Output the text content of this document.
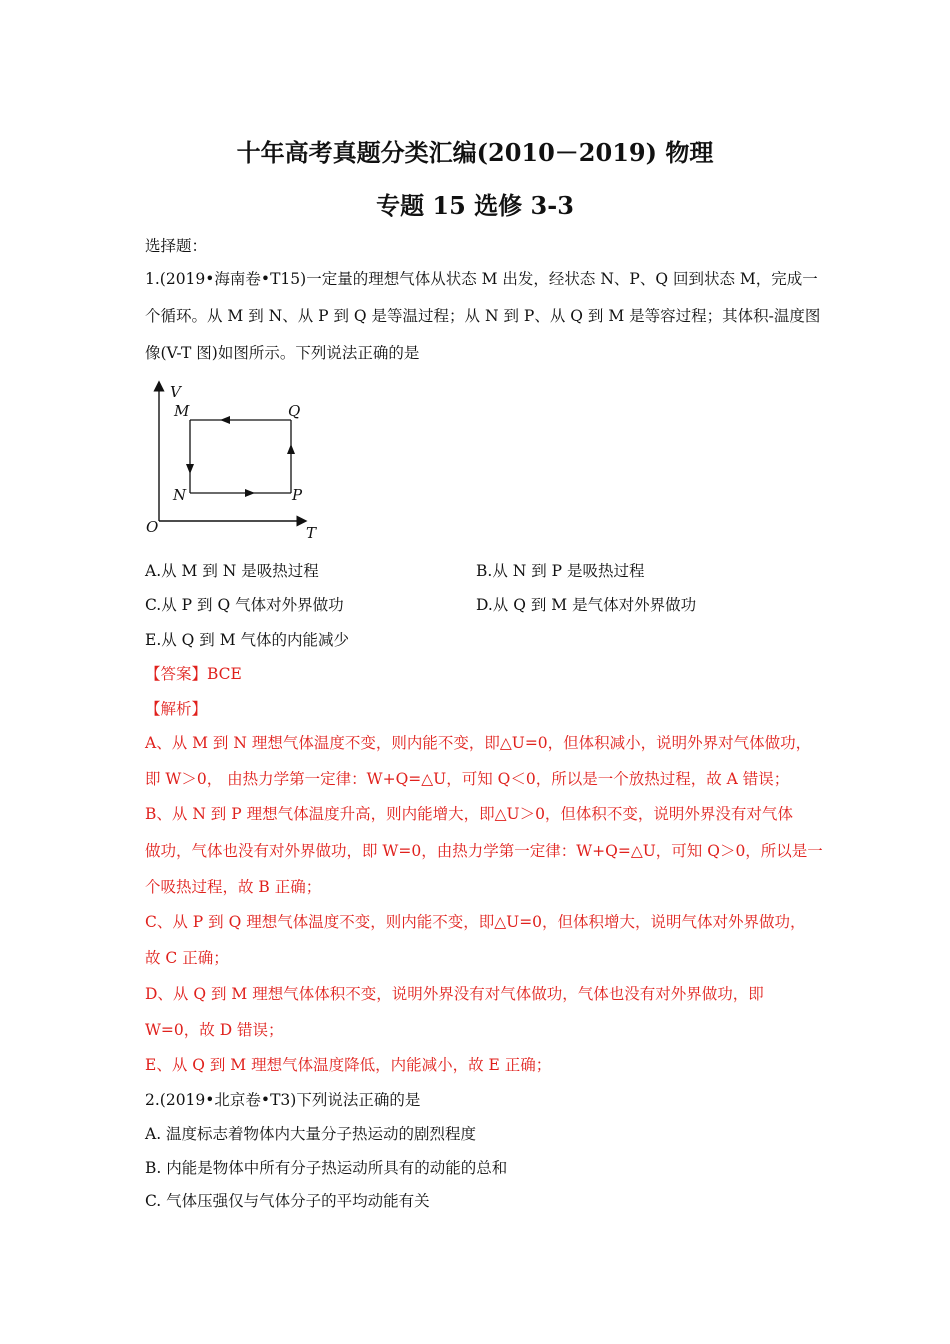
十年高考真题分类汇编(2010－2019) 物理
专题 15 选修 3-3
选择题：
1.(2019•海南卷•T15)一定量的理想气体从状态 M 出发，经状态 N、P、Q 回到状态 M，完成一
个循环。从 M 到 N、从 P 到 Q 是等温过程；从 N 到 P、从 Q 到 M 是等容过程；其体积-温度图
像(V-T 图)如图所示。下列说法正确的是
V
T
O
M	Q
N	P
A.从 M 到 N 是吸热过程	B.从 N 到 P 是吸热过程
C.从 P 到 Q 气体对外界做功	D.从 Q 到 M 是气体对外界做功
E.从 Q 到 M 气体的内能减少
【答案】BCE
【解析】
A、从 M 到 N 理想气体温度不变，则内能不变，即△U=0，但体积减小，说明外界对气体做功，
即 W＞0， 由热力学第一定律：W+Q=△U，可知 Q＜0，所以是一个放热过程，故 A 错误；
B、从 N 到 P 理想气体温度升高，则内能增大，即△U＞0，但体积不变，说明外界没有对气体
做功，气体也没有对外界做功，即 W=0，由热力学第一定律：W+Q=△U，可知 Q＞0，所以是一
个吸热过程，故 B 正确；
C、从 P 到 Q 理想气体温度不变，则内能不变，即△U=0，但体积增大，说明气体对外界做功，
故 C 正确；
D、从 Q 到 M 理想气体体积不变，说明外界没有对气体做功，气体也没有对外界做功，即
W=0，故 D 错误；
E、从 Q 到 M 理想气体温度降低，内能减小，故 E 正确；
2.(2019•北京卷•T3)下列说法正确的是
A. 温度标志着物体内大量分子热运动的剧烈程度
B. 内能是物体中所有分子热运动所具有的动能的总和
C. 气体压强仅与气体分子的平均动能有关
